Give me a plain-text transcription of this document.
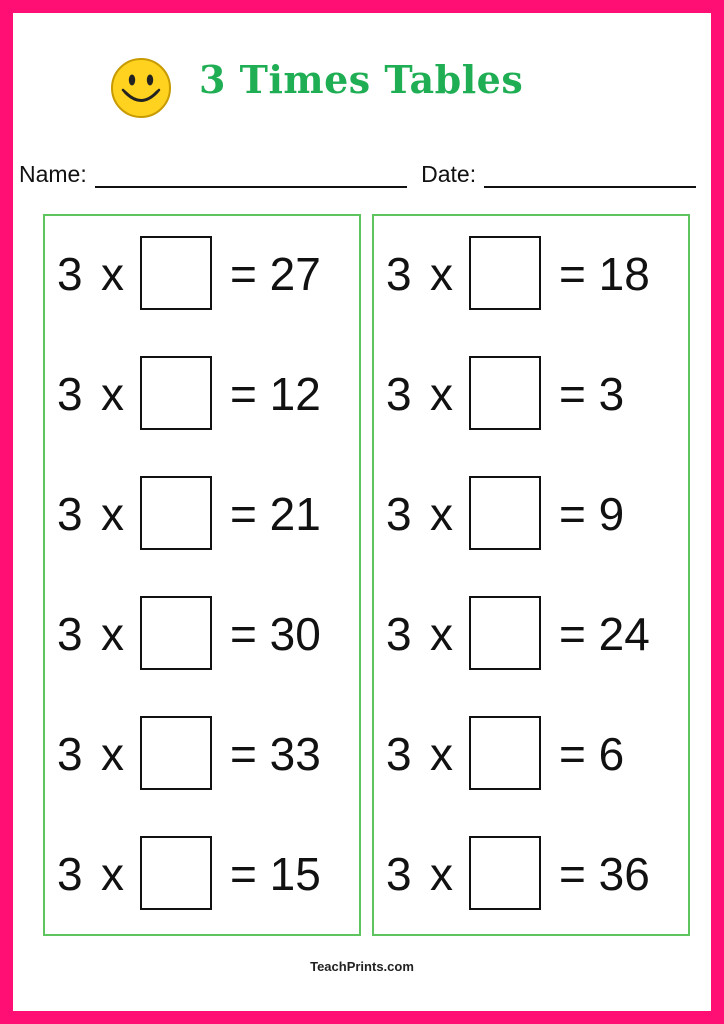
3 Times Tables
Name:	Date:
3 x = 27
3 x = 12
3 x = 21
3 x = 30
3 x = 33
3 x = 15
3 x = 18
3 x = 3
3 x = 9
3 x = 24
3 x = 6
3 x = 36
TeachPrints.com
